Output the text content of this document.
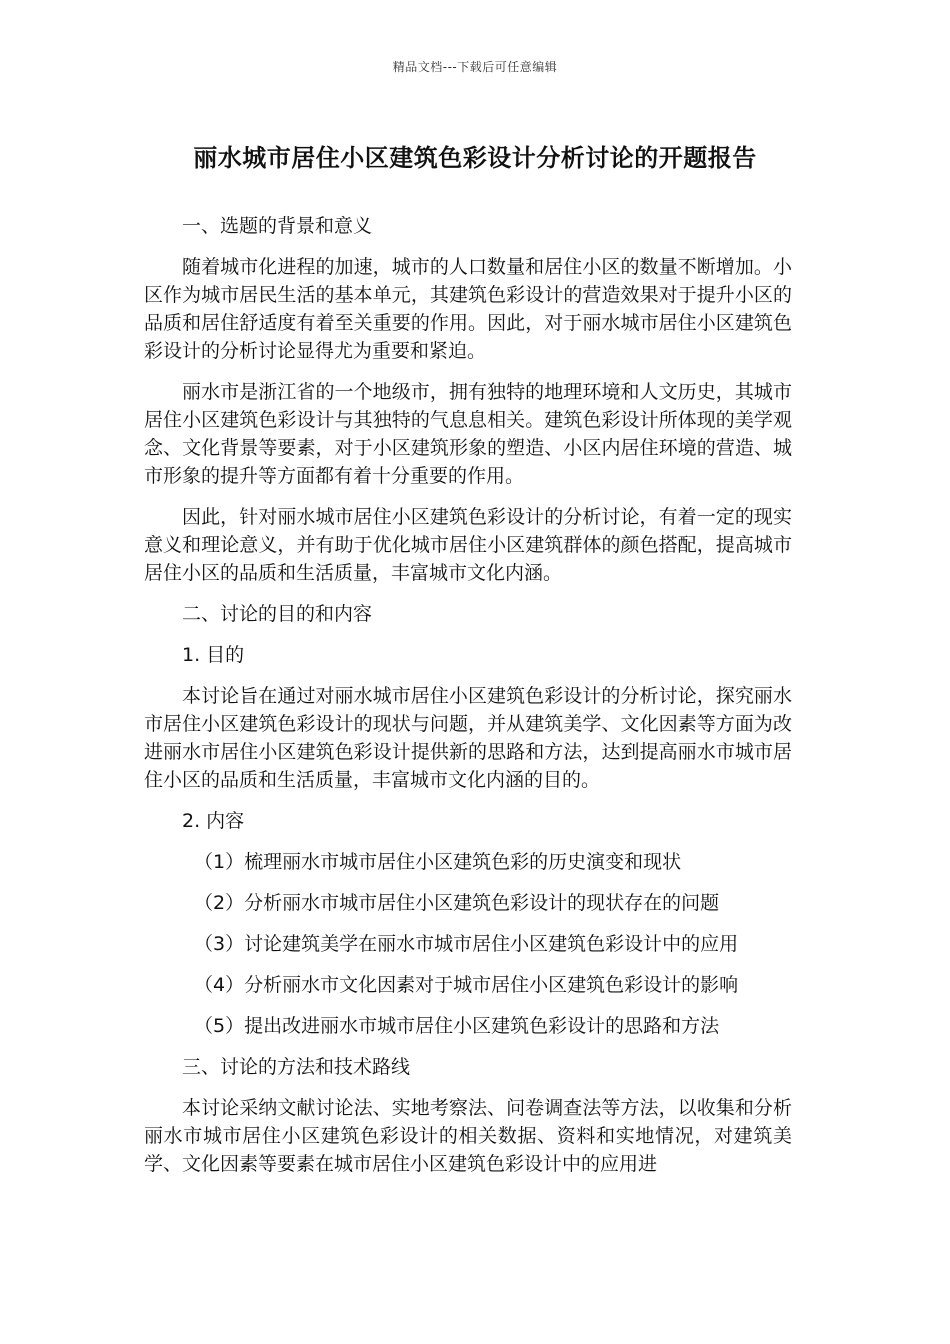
精品文档---下载后可任意编辑
丽水城市居住小区建筑色彩设计分析讨论的开题报告

一、选题的背景和意义

随着城市化进程的加速，城市的人口数量和居住小区的数量不断增加。小区作为城市居民生活的基本单元，其建筑色彩设计的营造效果对于提升小区的品质和居住舒适度有着至关重要的作用。因此，对于丽水城市居住小区建筑色彩设计的分析讨论显得尤为重要和紧迫。

丽水市是浙江省的一个地级市，拥有独特的地理环境和人文历史，其城市居住小区建筑色彩设计与其独特的气息息相关。建筑色彩设计所体现的美学观念、文化背景等要素，对于小区建筑形象的塑造、小区内居住环境的营造、城市形象的提升等方面都有着十分重要的作用。

因此，针对丽水城市居住小区建筑色彩设计的分析讨论，有着一定的现实意义和理论意义，并有助于优化城市居住小区建筑群体的颜色搭配，提高城市居住小区的品质和生活质量，丰富城市文化内涵。

二、讨论的目的和内容

1. 目的

本讨论旨在通过对丽水城市居住小区建筑色彩设计的分析讨论，探究丽水市居住小区建筑色彩设计的现状与问题，并从建筑美学、文化因素等方面为改进丽水市居住小区建筑色彩设计提供新的思路和方法，达到提高丽水市城市居住小区的品质和生活质量，丰富城市文化内涵的目的。

2. 内容

（1）梳理丽水市城市居住小区建筑色彩的历史演变和现状

（2）分析丽水市城市居住小区建筑色彩设计的现状存在的问题

（3）讨论建筑美学在丽水市城市居住小区建筑色彩设计中的应用

（4）分析丽水市文化因素对于城市居住小区建筑色彩设计的影响

（5）提出改进丽水市城市居住小区建筑色彩设计的思路和方法

三、讨论的方法和技术路线

本讨论采纳文献讨论法、实地考察法、问卷调查法等方法，以收集和分析丽水市城市居住小区建筑色彩设计的相关数据、资料和实地情况，对建筑美学、文化因素等要素在城市居住小区建筑色彩设计中的应用进
